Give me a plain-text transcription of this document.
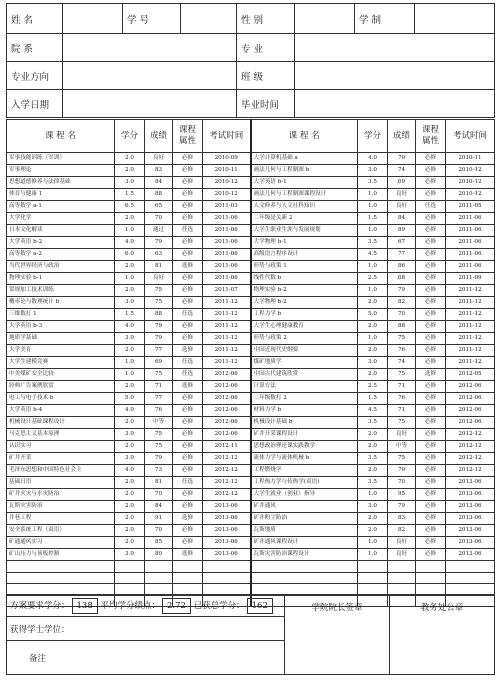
姓 名		学 号		性 别		学 制	
院 系				专 业			
专业方向				班 级			
入学日期				毕业时间			
课 程 名	学分	成绩	课程属性	考试时间	课 程 名	学分	成绩	课程属性	考试时间
军事技能训练（军训）	2.0	良好	必修	2010-09	大学计算机基础 a	4.0	79	必修	2010-11
军事理论	2.0	83	必修	2010-11	画法几何与工程制图 b	3.0	74	必修	2010-12
思想道德修养与法律基础	3.0	84	必修	2010-12	大学英语 b-1	3.5	69	必修	2010-12
体育与健康 1	1.5	88	必修	2010-12	画法几何与工程制图课程设计	1.0	良好	必修	2010-12
高等数学 a-1	6.5	65	必修	2011-03	人文修养与人文社科知识	1.0	良好	任选	2011-05
大学化学	2.0	70	必修	2011-06	二年级是关新 2	1.5	84	必修	2011-06
日本文化解读	1.0	通过	任选	2011-06	大学生职业生涯与发展规划	1.0	89	必修	2011-06
大学英语 b-2	4.0	79	必修	2011-06	大学物理 b-1	3.5	67	必修	2011-06
高等数学 a-2	6.0	63	必修	2011-06	高级语言程序设计	4.5	77	必修	2011-06
当代世界经济与政治	2.0	81	选修	2011-06	形势与政策 1	1.0	86	必修	2011-06
物理实验 b-1	1.0	良好	必修	2011-06	线性代数 b	2.5	68	必修	2011-09
常规加工技术训练	2.0	75	必修	2011-07	物理实验 b-2	1.0	79	必修	2011-12
概率论与数理统计 b	3.0	75	必修	2011-12	大学物理 b-2	2.0	82	必修	2011-12
三维数打 1	1.5	88	任选	2011-12	工程力学 b	5.0	70	必修	2011-12
大学英语 b-3	4.0	79	必修	2011-12	大学生心理健康教育	2.0	88	必修	2011-12
地质学基础	3.0	79	必修	2011-12	形势与政策 2	1.0	75	必修	2011-12
大学美育	2.0	77	选修	2011-12	中国近现代史纲要	2.0	76	必修	2011-12
大学生建模竞赛	1.0	69	任选	2011-12	煤矿地质学	3.0	74	必修	2011-12
中美煤矿安全比较	1.0	75	任选	2012-06	中国古代建筑欣赏	2.0	75	选修	2012-05
经典广告案例欣赏	2.0	71	选修	2012-06	计算方法	2.5	71	必修	2012-06
电工与电子技术 b	5.0	77	必修	2012-06	二年级数打 2	1.5	76	必修	2012-06
大学英语 b-4	4.0	76	必修	2012-06	材料力学 b	4.5	71	必修	2012-06
机械设计基础课程设计	2.0	中等	必修	2012-06	机械设计基础 b	3.5	75	必修	2012-06
马克思主义基本原理	3.0	75	必修	2012-06	矿井开采课程设计	2.0	良好	必修	2012-12
认识实习	2.0	75	必修	2012-11	思想政治理论课实践教学	2.0	中等	必修	2012-12
矿井开采	3.0	79	必修	2012-12	流体力学与流体机械 b	3.5	75	必修	2012-12
毛泽东思想和中国特色社会主	4.0	73	必修	2012-12	工程燃烧学	2.0	79	必修	2012-12
基础日语	2.0	81	任选	2012-12	工程热力学与传热学(双语)	3.5	70	必修	2013-06
矿井火灾与水灾防治	2.0	70	必修	2012-12	大学生就业（创业）指导	1.0	95	必修	2013-06
瓦斯灾害防治	2.0	84	必修	2013-06	矿井通风	3.0	79	必修	2013-06
井巷工程	2.0	91	选修	2013-06	矿井粉尘防治	2.0	83	必修	2013-06
安全系统工程（双语）	2.0	70	必修	2013-06	瓦斯地质	2.0	82	必修	2013-06
矿通通风实习	2.0	85	必修	2013-06	矿井通风课程设计	1.0	良好	必修	2013-06
矿山压力与顶板控制	3.0	80	选修	2013-06	瓦斯灾害防治课程设计	1.0	良好	必修	2013-06

方案要求学分： 138 平均学分绩点： 2.72 已获总学分： 162	学院院长签章	教务处公章
获得学士学位：
备注
